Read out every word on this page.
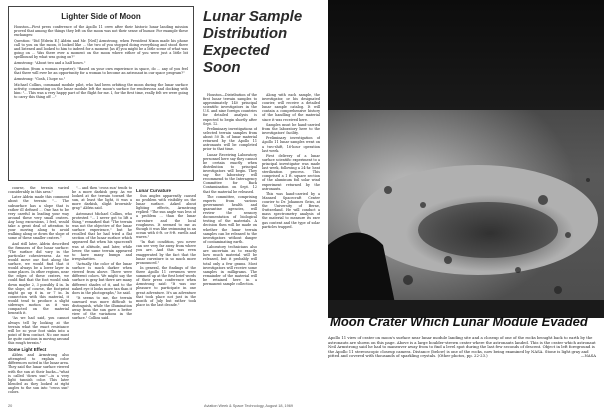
Lighter Side of Moon

Houston—First press conference of the Apollo 11 crew after their historic lunar landing mission proved that among the things they left on the moon was not their sense of humor. For example these exchanges:

Question: "Did [Edwin E.] Aldrin and Mr. [Neil] Armstrong, when President Nixon made his phone call to you on the moon, it looked like ... the two of you stopped doing everything and stood there and listened and looked to him to indeed for a moment [as if] you might be a little scene of what was going on ... Was there ever a moment on the moon where either of you were just a little bit spellbound by what was going on?"

Armstrong: "About two and a half hours."

Question (from a woman reporter): "Based on your own experience in space, do ... any of you feel that there will ever be an opportunity for a woman to become an astronaut in our space program?"

Armstrong: "Gosh, I hope so."

Michael Collins, command module pilot, who had been orbiting the moon during the lunar surface activity, commenting on the lunar module left the moon's surface for rendezvous and docking with him: "... This was a very happy part of the flight for me. I, for the first time, really felt we were going to carry this thing off ..."

course, the terrain varied considerably in this area."

Later Aldrin made this comment about the terrain: "... The subsurface has a slope that is rather ill defined ... One has to be very careful in leading your way around these very small craters. Any long excursions, I feel, would take a great deal of attention to your moving along to avoid walking along or down the slope of some of these smaller craters."

And still later, Aldrin described the firmness of the lunar surface: "The surface did vary in the particular cohesiveness. As we would move our foot along the surface, we would find that it would always be a lower layer in some places. In other regions, near the edges of these craters, we could find that the foot would sink down maybe 2, 3 possibly 4 in. In the slope, of course, the footprint might go up 6 in. or 7 in. In connection with this material, it would tend to produce a slight sideways motion as it was compacted on the material beneath it.

"As we had said, you cannot always tell by looking at the terrain what the exact resistance will be so your foot sinks into a point of firm contact. No one must be quite cautious in moving around this rough terrain."

Some Light Effect

Aldrin and Armstrong also attempted to explain color differences noted in the lunar area. They said the lunar surface viewed with the sun at their backs—"what is called 'down sun'"—is a very light tannish color. This later blended as they looked at right angles to the sun into "cross sun" colors.

"... and then 'cross sun' tends to be a more darkish gray. As we looked at the terrain toward the sun, at least the light, it was a more darkish, slight brownish-gray," Aldrin said.

Astronaut Michael Collins, who protested "... I never got to lift a thing," remarked that "The terrain was not the objective of the lunar surface experience," but he recalled that he had tried a flat section of the lunar surface which appeared flat when his spacecraft was at altitude, and later, while lower, the same terrain appeared to have many bumps and irregularities.

"Actually the color of the lunar surface is much darker when viewed from above. There were different colors. We might say the surface is gray but there are many different shades of it, and to the naked eye it looks more tan than it does in the photographs," he said.

"It seems to me, the terrain sunward was more difficult to distinguish, while the illumination away from the sun gave a better view of the variations in the surface." Collins said.

Lunar Curvature

Sun angles apparently caused no problem with visibility on the lunar surface. Asked about lighting effects, Armstrong replied: "The sun angle was less of a problem ... than the lunar curvature and the local roughness. It seemed to me as though it was like swimming in an ocean with 6-ft. or 8-ft. swells and waves."

"In that condition, you never can see very far away from where you are. And this was even exaggerated by the fact that the lunar curvature is so much more pronounced."

In general, the findings of the three Apollo 11 crewmen were summed up at the first brief words of their press conference when Armstrong said: "It was our pleasure to participate in one great adventure. It's an adventure that took place not just in the month of July but rather took place in the last decade."

Lunar Sample Distribution Expected Soon

Houston—Distribution of the first lunar terrain samples to approximately 140 principal scientific investigators in the U.S. and nine foreign countries for detailed analysis is expected to begin shortly after Sept. 12.

Preliminary investigations of selected terrain samples from about 50 lb. of lunar material returned by the Apollo 11 astronauts will be completed prior to that time.

Lunar Receiving Laboratory personnel here say they cannot be certain exactly when distribution to principal investigators will begin. They say the laboratory will recommend to the Interagency Committee for Back Contamination on Sept. 12 that the material be released.

The committee, comprising experts from various government health and quarantine agencies, will review the sensory documentation of biological testing of the materials. A decision then will be made on whether the lunar terrain samples can be released to the investigators without danger of contaminating earth.

Laboratory technicians also are uncertain as to exactly how much material will be released, but it probably will total only a few grams. Most investigators will receive some samples in milligrams. The remainder of the material will be retained here in a permanent sample collection.

Along with each sample, the investigator, or his designated courier, will receive a detailed lunar sample catalog. It will contain a comprehensive history of the handling of the material since it was received here.

Samples must be hand-carried from the laboratory here to the investigators' facility.

Preliminary investigation of Apollo 11 lunar samples went on a two-shift, 16-hour operation last week.

First delivery of a lunar surface scientific experiment to a principal investigator was made last week, following a 24-hr. heat sterilization process. This comprised a 1 ft. square section of the aluminum foil solar wind experiment returned by the astronauts.

This was hand-carried by a Manned Spacecraft Center courier to Dr. Johannes Geiss, at the University of Berne, Switzerland. He will conduct a mass spectrometry analysis of the material to measure its rare gas content and the type of solar particles trapped.

Moon Crater Which Lunar Module Evaded
Apollo 11 view of crater on moon's surface near lunar module landing site and a closeup of one of the rocks brought back to earth by the astronauts are shown on this page. Above is a large boulder-strewn crater where the astronauts landed. This is the crater which astronaut Neil Armstrong said he had to maneuver away from to find a level spot during the last few seconds of descent. Object in left foreground is the Apollo 11 stereoscopic closeup camera. Distance (below) is one of the rocks, now being examined by NASA. Stone is light gray and pitted and covered with thousands of sparkling crystals. (Other photos, pp. 22-23.)	—NASA
20	Aviation Week & Space Technology, August 18, 1969
